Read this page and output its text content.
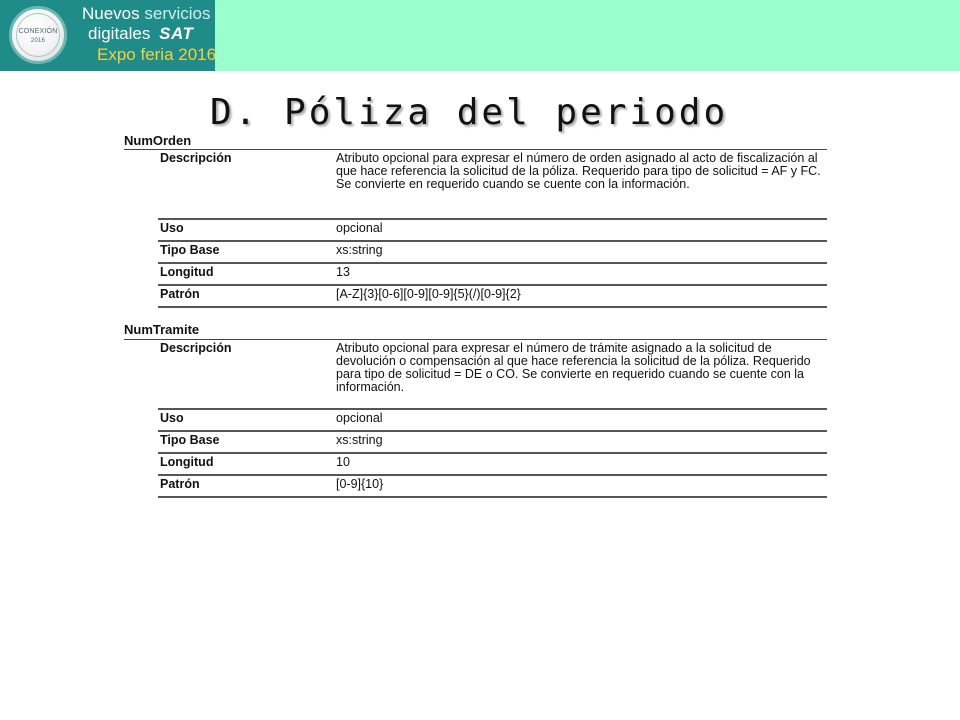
CONEXIÓN
2016
Nuevos servicios
digitales SAT
Expo feria 2016
D. Póliza del periodo
NumOrden
Descripción	Atributo opcional para expresar el número de orden asignado al acto de fiscalización al que hace referencia la solicitud de la póliza. Requerido para tipo de solicitud = AF y FC. Se convierte en requerido cuando se cuente con la información.
Uso	opcional
Tipo Base	xs:string
Longitud	13
Patrón	[A-Z]{3}[0-6][0-9][0-9]{5}(/)[0-9]{2}
NumTramite
Descripción	Atributo opcional para expresar el número de trámite asignado a la solicitud de devolución o compensación al que hace referencia la solicitud de la póliza. Requerido para tipo de solicitud = DE o CO. Se convierte en requerido cuando se cuente con la información.
Uso	opcional
Tipo Base	xs:string
Longitud	10
Patrón	[0-9]{10}
